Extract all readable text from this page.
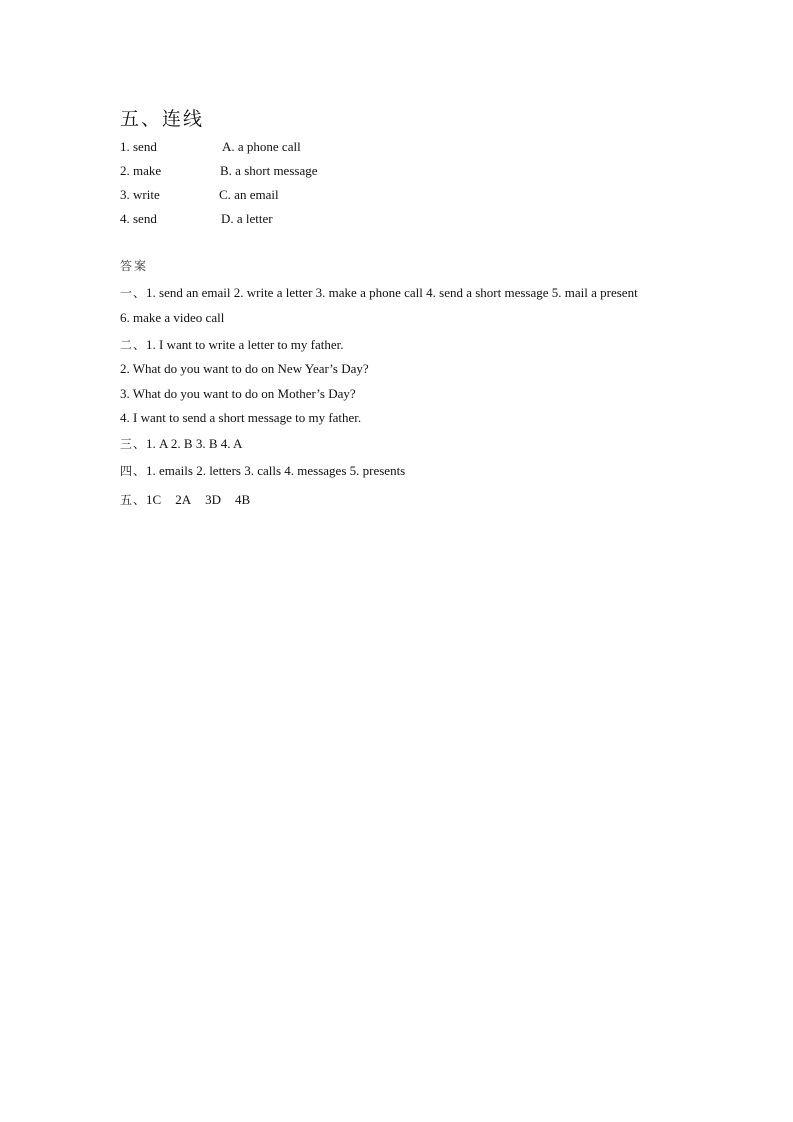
五、连线
1. send	A. a phone call
2. make	B. a short message
3. write	C. an email
4. send	D. a letter
答案
一、1. send an email 2. write a letter 3. make a phone call 4. send a short message 5. mail a present
6. make a video call
二、1. I want to write a letter to my father.
2. What do you want to do on New Year’s Day?
3. What do you want to do on Mother’s Day?
4. I want to send a short message to my father.
三、1. A 2. B 3. B 4. A
四、1. emails 2. letters 3. calls 4. messages 5. presents
五、1C 2A 3D 4B
